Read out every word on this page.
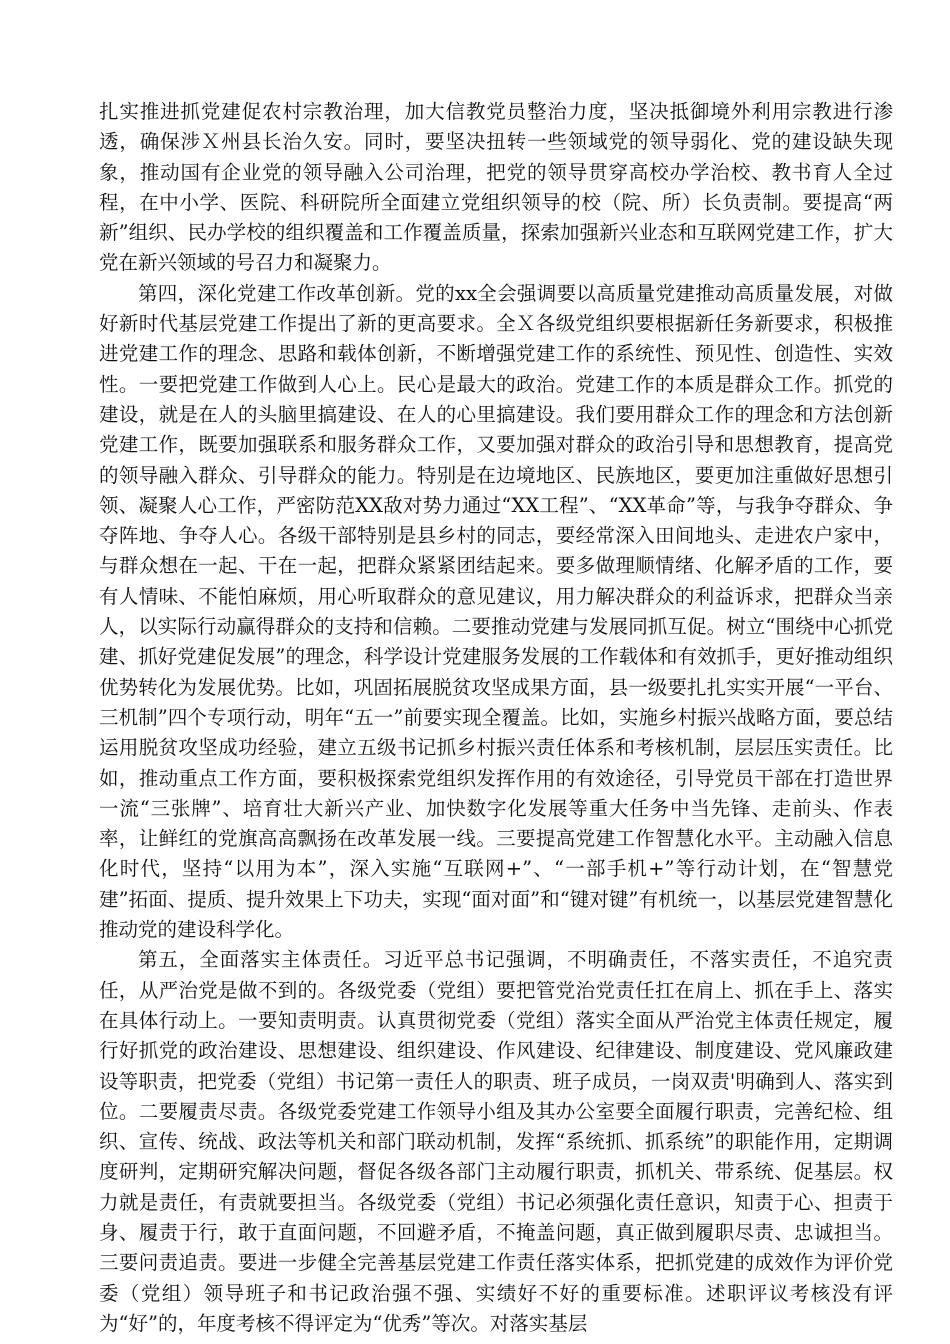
扎实推进抓党建促农村宗教治理，加大信教党员整治力度，坚决抵御境外利用宗教进行渗透，确保涉Ｘ州县长治久安。同时，要坚决扭转一些领域党的领导弱化、党的建设缺失现象，推动国有企业党的领导融入公司治理，把党的领导贯穿高校办学治校、教书育人全过程，在中小学、医院、科研院所全面建立党组织领导的校（院、所）长负责制。要提高“两新”组织、民办学校的组织覆盖和工作覆盖质量，探索加强新兴业态和互联网党建工作，扩大党在新兴领域的号召力和凝聚力。

第四，深化党建工作改革创新。党的xx全会强调要以高质量党建推动高质量发展，对做好新时代基层党建工作提出了新的更高要求。全Ｘ各级党组织要根据新任务新要求，积极推进党建工作的理念、思路和载体创新，不断增强党建工作的系统性、预见性、创造性、实效性。一要把党建工作做到人心上。民心是最大的政治。党建工作的本质是群众工作。抓党的建设，就是在人的头脑里搞建设、在人的心里搞建设。我们要用群众工作的理念和方法创新党建工作，既要加强联系和服务群众工作，又要加强对群众的政治引导和思想教育，提高党的领导融入群众、引导群众的能力。特别是在边境地区、民族地区，要更加注重做好思想引领、凝聚人心工作，严密防范XX敌对势力通过“XX工程”、“XX革命”等，与我争夺群众、争夺阵地、争夺人心。各级干部特别是县乡村的同志，要经常深入田间地头、走进农户家中，与群众想在一起、干在一起，把群众紧紧团结起来。要多做理顺情绪、化解矛盾的工作，要有人情味、不能怕麻烦，用心听取群众的意见建议，用力解决群众的利益诉求，把群众当亲人，以实际行动赢得群众的支持和信赖。二要推动党建与发展同抓互促。树立“围绕中心抓党建、抓好党建促发展”的理念，科学设计党建服务发展的工作载体和有效抓手，更好推动组织优势转化为发展优势。比如，巩固拓展脱贫攻坚成果方面，县一级要扎扎实实开展“一平台、三机制”四个专项行动，明年“五一”前要实现全覆盖。比如，实施乡村振兴战略方面，要总结运用脱贫攻坚成功经验，建立五级书记抓乡村振兴责任体系和考核机制，层层压实责任。比如，推动重点工作方面，要积极探索党组织发挥作用的有效途径，引导党员干部在打造世界一流“三张牌”、培育壮大新兴产业、加快数字化发展等重大任务中当先锋、走前头、作表率，让鲜红的党旗高高飘扬在改革发展一线。三要提高党建工作智慧化水平。主动融入信息化时代，坚持“以用为本”，深入实施“互联网+”、“一部手机+”等行动计划，在“智慧党建”拓面、提质、提升效果上下功夫，实现“面对面”和“键对键”有机统一，以基层党建智慧化推动党的建设科学化。

第五，全面落实主体责任。习近平总书记强调，不明确责任，不落实责任，不追究责任，从严治党是做不到的。各级党委（党组）要把管党治党责任扛在肩上、抓在手上、落实在具体行动上。一要知责明责。认真贯彻党委（党组）落实全面从严治党主体责任规定，履行好抓党的政治建设、思想建设、组织建设、作风建设、纪律建设、制度建设、党风廉政建设等职责，把党委（党组）书记第一责任人的职责、班子成员，一岗双责'明确到人、落实到位。二要履责尽责。各级党委党建工作领导小组及其办公室要全面履行职责，完善纪检、组织、宣传、统战、政法等机关和部门联动机制，发挥“系统抓、抓系统”的职能作用，定期调度研判，定期研究解决问题，督促各级各部门主动履行职责，抓机关、带系统、促基层。权力就是责任，有责就要担当。各级党委（党组）书记必须强化责任意识，知责于心、担责于身、履责于行，敢于直面问题，不回避矛盾，不掩盖问题，真正做到履职尽责、忠诚担当。三要问责追责。要进一步健全完善基层党建工作责任落实体系，把抓党建的成效作为评价党委（党组）领导班子和书记政治强不强、实绩好不好的重要标准。述职评议考核没有评为“好”的，年度考核不得评定为“优秀”等次。对落实基层
